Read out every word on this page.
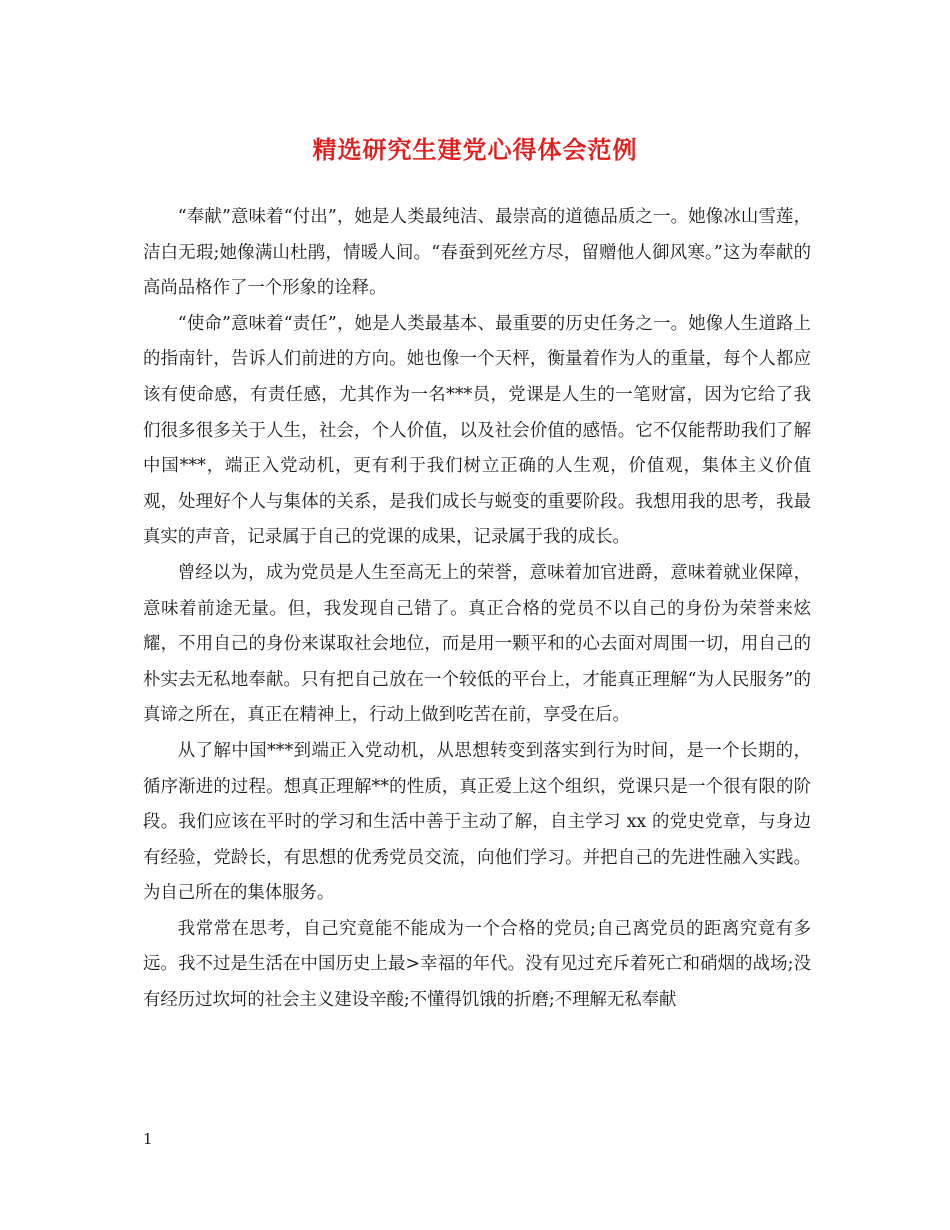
精选研究生建党心得体会范例

“奉献”意味着“付出”，她是人类最纯洁、最崇高的道德品质之一。她像冰山雪莲，洁白无瑕;她像满山杜鹃，情暖人间。“春蚕到死丝方尽，留赠他人御风寒。”这为奉献的高尚品格作了一个形象的诠释。

“使命”意味着“责任”，她是人类最基本、最重要的历史任务之一。她像人生道路上的指南针，告诉人们前进的方向。她也像一个天枰，衡量着作为人的重量，每个人都应该有使命感，有责任感，尤其作为一名***员，党课是人生的一笔财富，因为它给了我们很多很多关于人生，社会，个人价值，以及社会价值的感悟。它不仅能帮助我们了解中国***，端正入党动机，更有利于我们树立正确的人生观，价值观，集体主义价值观，处理好个人与集体的关系，是我们成长与蜕变的重要阶段。我想用我的思考，我最真实的声音，记录属于自己的党课的成果，记录属于我的成长。

曾经以为，成为党员是人生至高无上的荣誉，意味着加官进爵，意味着就业保障，意味着前途无量。但，我发现自己错了。真正合格的党员不以自己的身份为荣誉来炫耀，不用自己的身份来谋取社会地位，而是用一颗平和的心去面对周围一切，用自己的朴实去无私地奉献。只有把自己放在一个较低的平台上，才能真正理解“为人民服务”的真谛之所在，真正在精神上，行动上做到吃苦在前，享受在后。

从了解中国***到端正入党动机，从思想转变到落实到行为时间，是一个长期的，循序渐进的过程。想真正理解**的性质，真正爱上这个组织，党课只是一个很有限的阶段。我们应该在平时的学习和生活中善于主动了解，自主学习 xx 的党史党章，与身边有经验，党龄长，有思想的优秀党员交流，向他们学习。并把自己的先进性融入实践。为自己所在的集体服务。

我常常在思考，自己究竟能不能成为一个合格的党员;自己离党员的距离究竟有多远。我不过是生活在中国历史上最>幸福的年代。没有见过充斥着死亡和硝烟的战场;没有经历过坎坷的社会主义建设辛酸;不懂得饥饿的折磨;不理解无私奉献

1
